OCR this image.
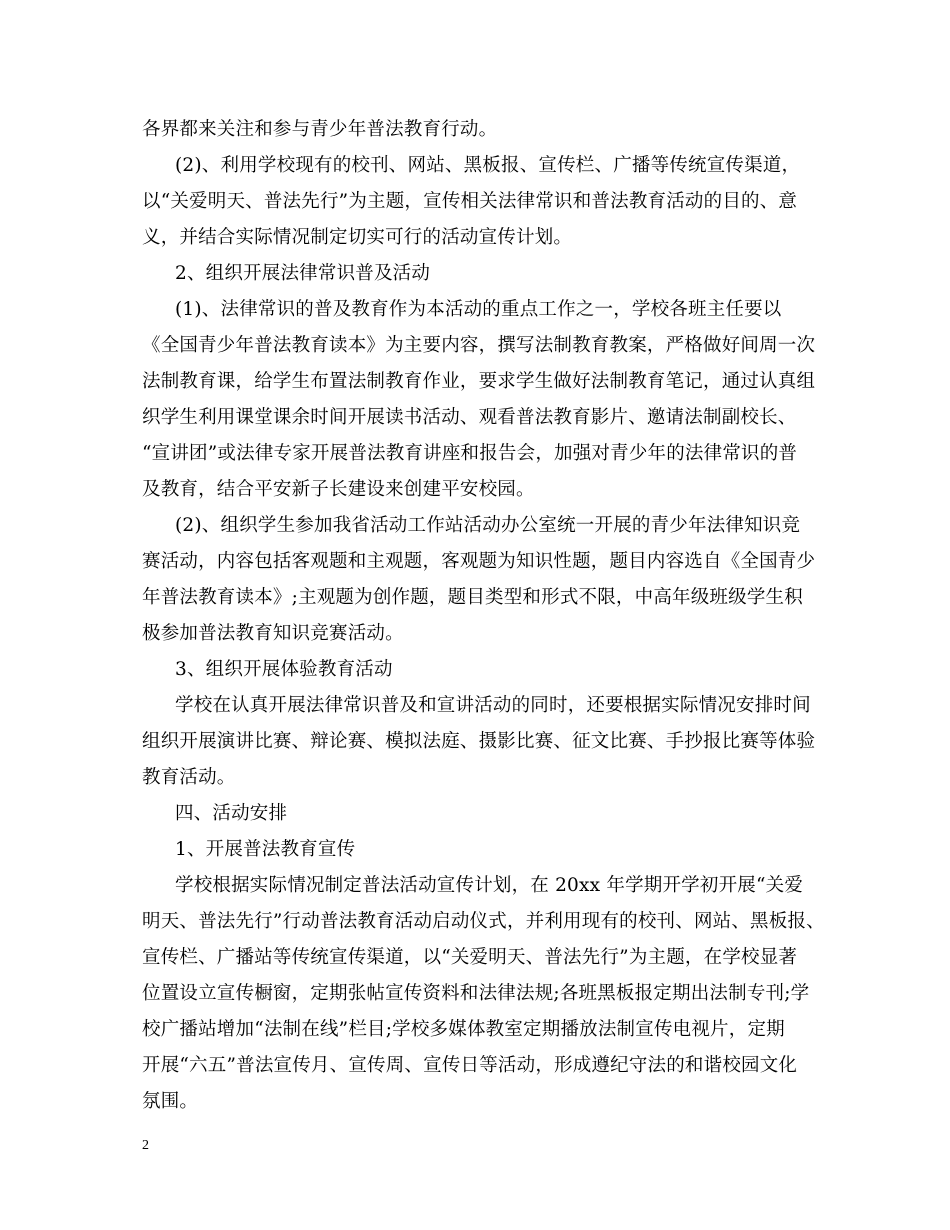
各界都来关注和参与青少年普法教育行动。
(2)、利用学校现有的校刊、网站、黑板报、宣传栏、广播等传统宣传渠道，
以“关爱明天、普法先行”为主题，宣传相关法律常识和普法教育活动的目的、意
义，并结合实际情况制定切实可行的活动宣传计划。
2、组织开展法律常识普及活动
(1)、法律常识的普及教育作为本活动的重点工作之一，学校各班主任要以
《全国青少年普法教育读本》为主要内容，撰写法制教育教案，严格做好间周一次
法制教育课，给学生布置法制教育作业，要求学生做好法制教育笔记，通过认真组
织学生利用课堂课余时间开展读书活动、观看普法教育影片、邀请法制副校长、
“宣讲团”或法律专家开展普法教育讲座和报告会，加强对青少年的法律常识的普
及教育，结合平安新子长建设来创建平安校园。
(2)、组织学生参加我省活动工作站活动办公室统一开展的青少年法律知识竞
赛活动，内容包括客观题和主观题，客观题为知识性题，题目内容选自《全国青少
年普法教育读本》;主观题为创作题，题目类型和形式不限，中高年级班级学生积
极参加普法教育知识竞赛活动。
3、组织开展体验教育活动
学校在认真开展法律常识普及和宣讲活动的同时，还要根据实际情况安排时间
组织开展演讲比赛、辩论赛、模拟法庭、摄影比赛、征文比赛、手抄报比赛等体验
教育活动。
四、活动安排
1、开展普法教育宣传
学校根据实际情况制定普法活动宣传计划，在 20xx 年学期开学初开展“关爱
明天、普法先行”行动普法教育活动启动仪式，并利用现有的校刊、网站、黑板报、
宣传栏、广播站等传统宣传渠道，以“关爱明天、普法先行”为主题，在学校显著
位置设立宣传橱窗，定期张帖宣传资料和法律法规;各班黑板报定期出法制专刊;学
校广播站增加“法制在线”栏目;学校多媒体教室定期播放法制宣传电视片，定期
开展“六五”普法宣传月、宣传周、宣传日等活动，形成遵纪守法的和谐校园文化
氛围。
2
